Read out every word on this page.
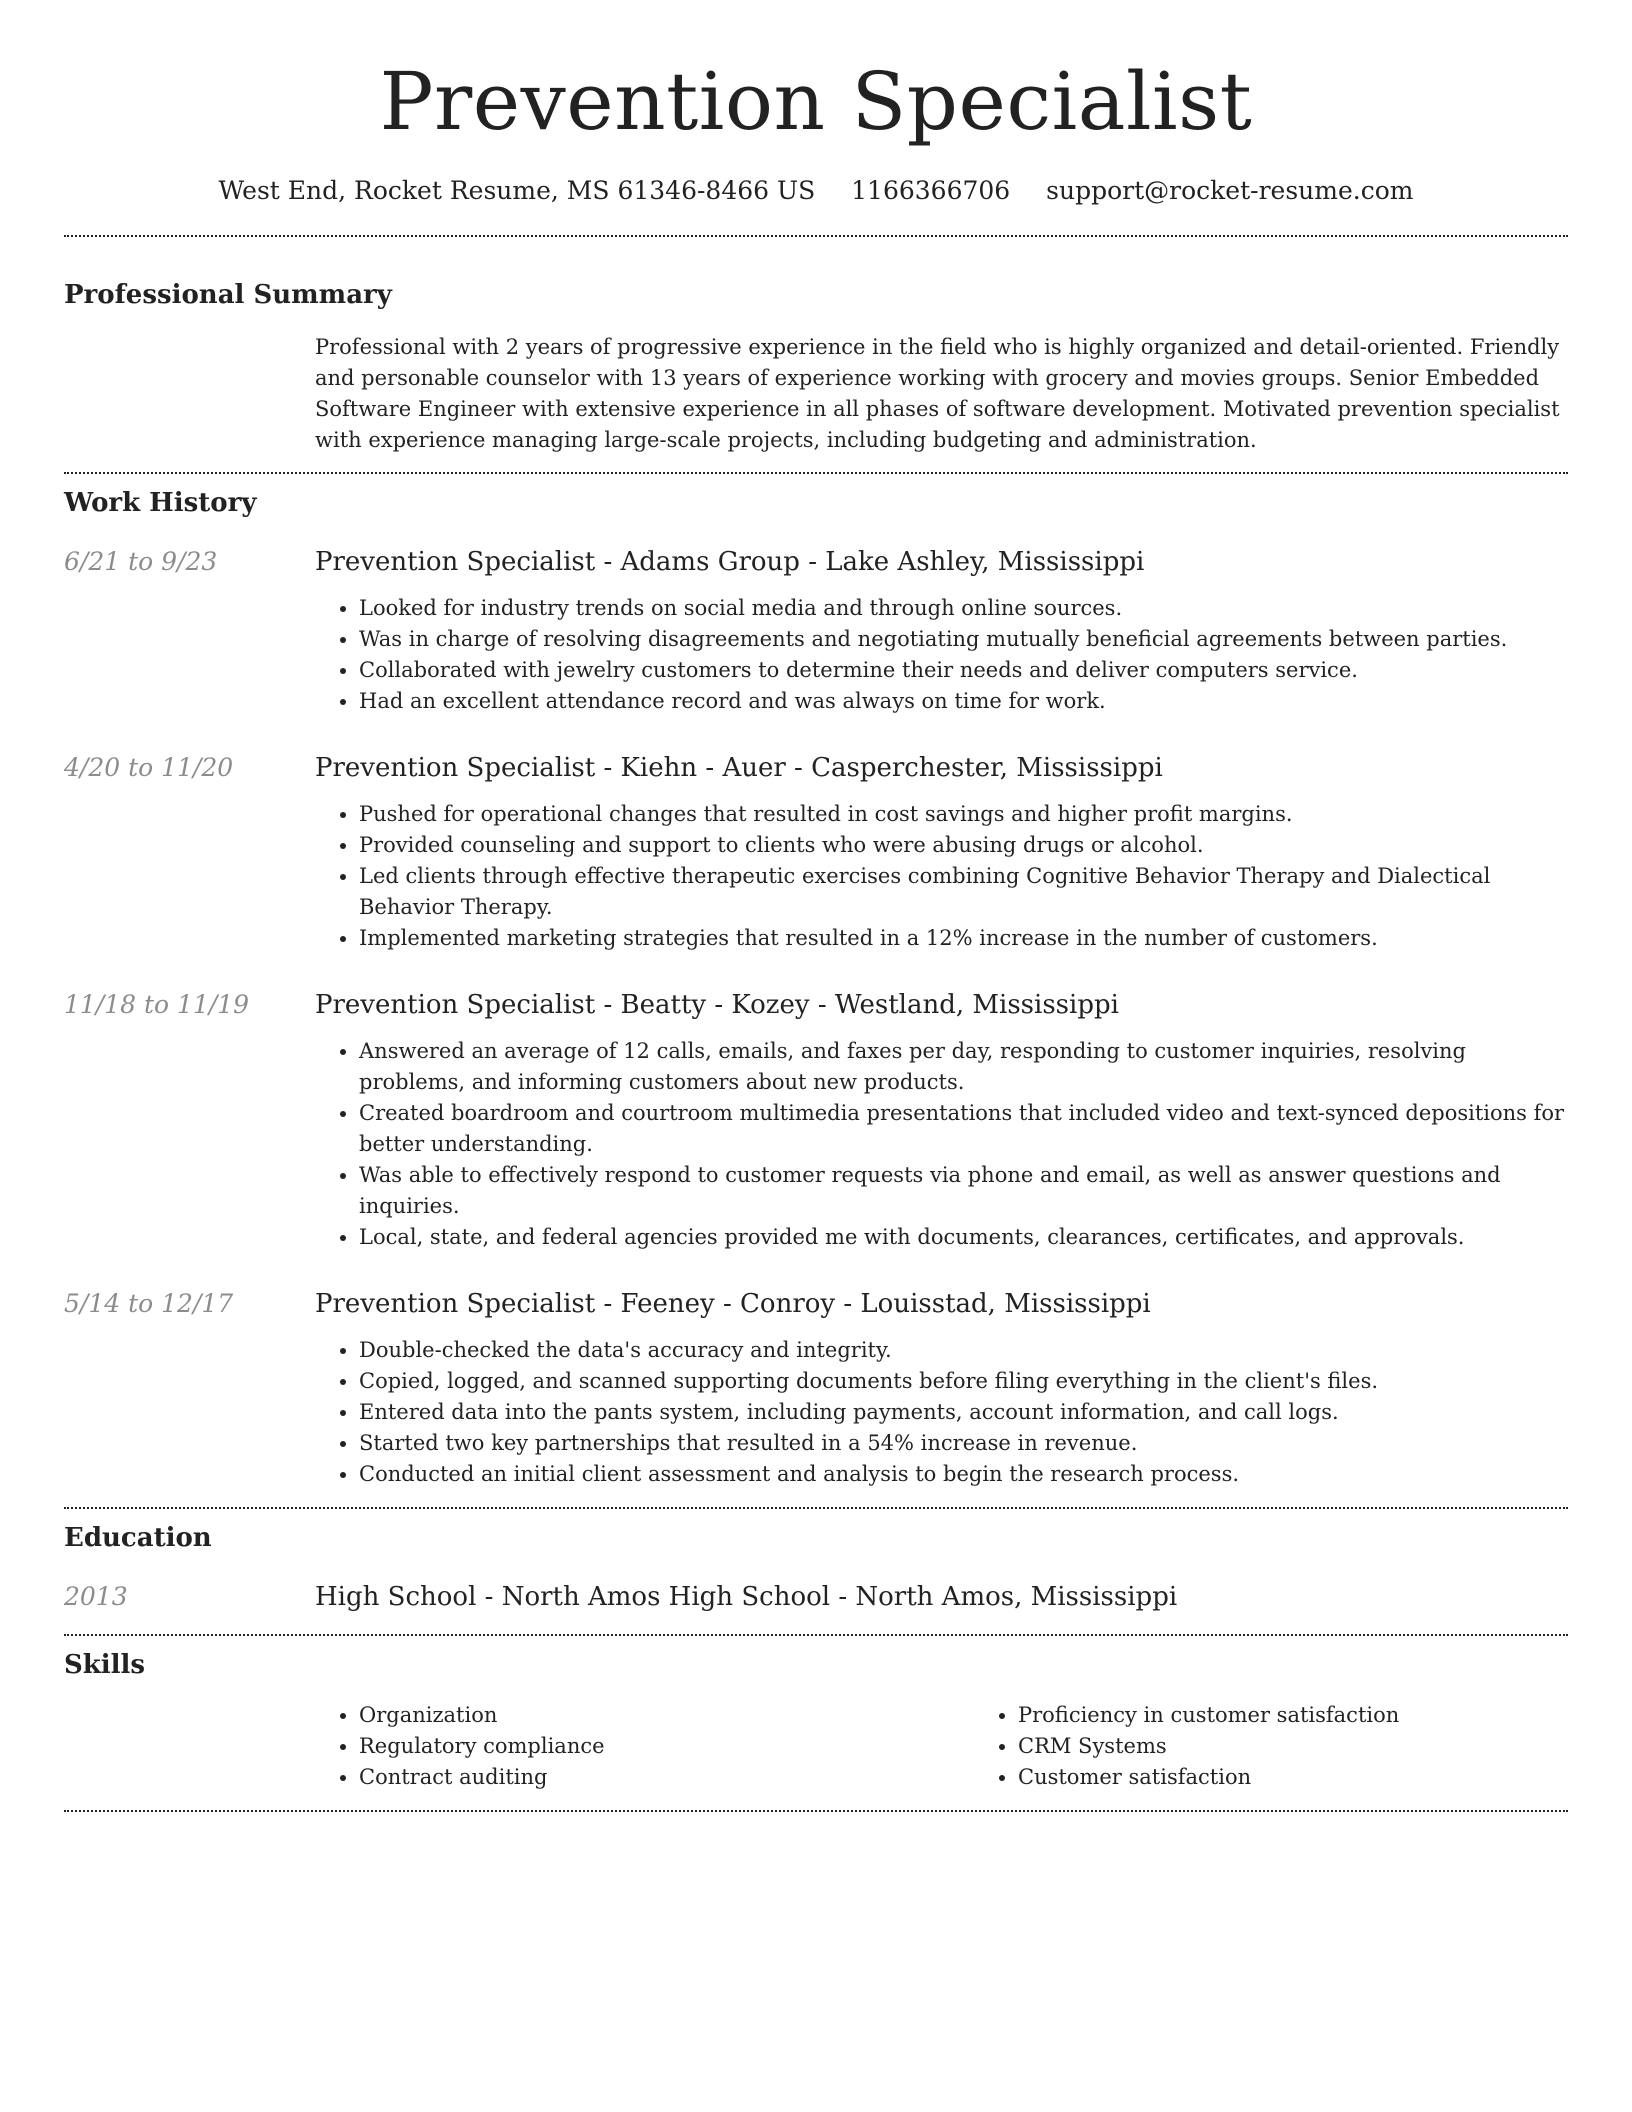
Prevention Specialist
West End, Rocket Resume, MS 61346-8466 US 1166366706 support@rocket-resume.com
Professional Summary
Professional with 2 years of progressive experience in the field who is highly organized and detail-oriented. Friendly and personable counselor with 13 years of experience working with grocery and movies groups. Senior Embedded Software Engineer with extensive experience in all phases of software development. Motivated prevention specialist with experience managing large-scale projects, including budgeting and administration.
Work History
6/21 to 9/23	Prevention Specialist - Adams Group - Lake Ashley, Mississippi
• Looked for industry trends on social media and through online sources.
• Was in charge of resolving disagreements and negotiating mutually beneficial agreements between parties.
• Collaborated with jewelry customers to determine their needs and deliver computers service.
• Had an excellent attendance record and was always on time for work.
4/20 to 11/20	Prevention Specialist - Kiehn - Auer - Casperchester, Mississippi
• Pushed for operational changes that resulted in cost savings and higher profit margins.
• Provided counseling and support to clients who were abusing drugs or alcohol.
• Led clients through effective therapeutic exercises combining Cognitive Behavior Therapy and Dialectical Behavior Therapy.
• Implemented marketing strategies that resulted in a 12% increase in the number of customers.
11/18 to 11/19	Prevention Specialist - Beatty - Kozey - Westland, Mississippi
• Answered an average of 12 calls, emails, and faxes per day, responding to customer inquiries, resolving problems, and informing customers about new products.
• Created boardroom and courtroom multimedia presentations that included video and text-synced depositions for better understanding.
• Was able to effectively respond to customer requests via phone and email, as well as answer questions and inquiries.
• Local, state, and federal agencies provided me with documents, clearances, certificates, and approvals.
5/14 to 12/17	Prevention Specialist - Feeney - Conroy - Louisstad, Mississippi
• Double-checked the data's accuracy and integrity.
• Copied, logged, and scanned supporting documents before filing everything in the client's files.
• Entered data into the pants system, including payments, account information, and call logs.
• Started two key partnerships that resulted in a 54% increase in revenue.
• Conducted an initial client assessment and analysis to begin the research process.
Education
2013	High School - North Amos High School - North Amos, Mississippi
Skills
• Organization
• Regulatory compliance
• Contract auditing
• Proficiency in customer satisfaction
• CRM Systems
• Customer satisfaction
